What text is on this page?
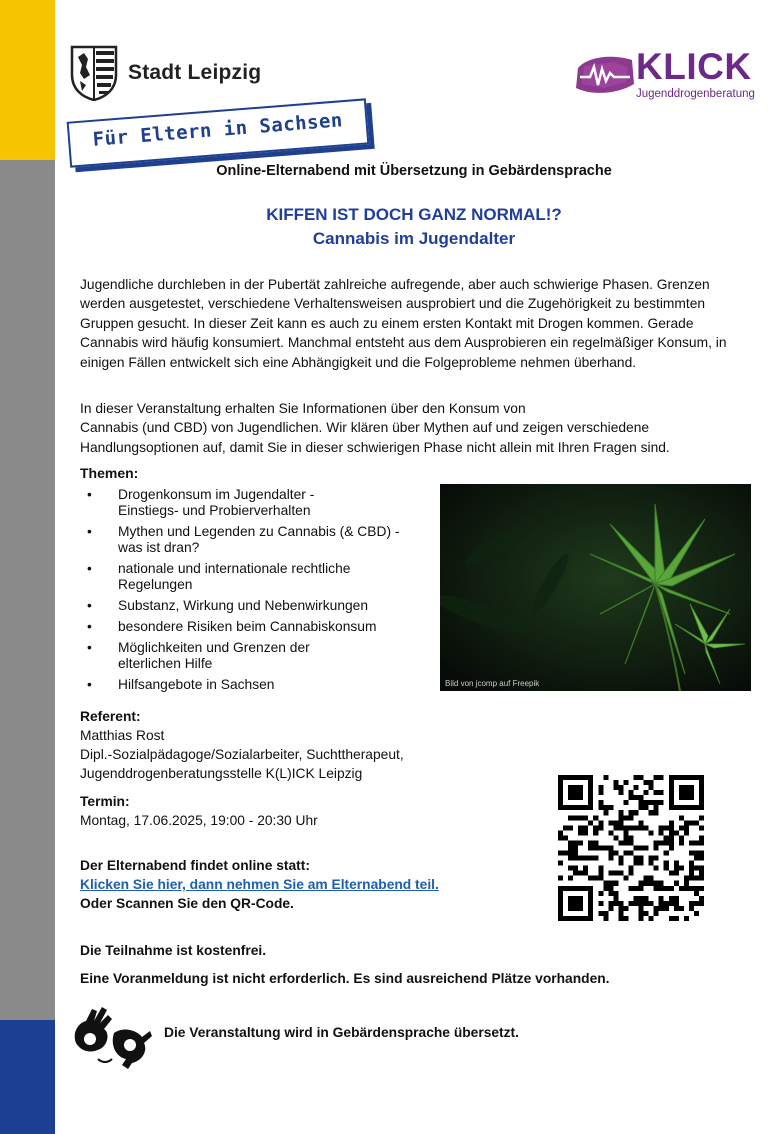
Stadt Leipzig	KLICK
Jugenddrogenberatung
Für Eltern in Sachsen
Online-Elternabend mit Übersetzung in Gebärdensprache
KIFFEN IST DOCH GANZ NORMAL!?
Cannabis im Jugendalter

Jugendliche durchleben in der Pubertät zahlreiche aufregende, aber auch schwierige Phasen. Grenzen werden ausgetestet, verschiedene Verhaltensweisen ausprobiert und die Zugehörigkeit zu bestimmten Gruppen gesucht. In dieser Zeit kann es auch zu einem ersten Kontakt mit Drogen kommen. Gerade Cannabis wird häufig konsumiert. Manchmal entsteht aus dem Ausprobieren ein regelmäßiger Konsum, in einigen Fällen entwickelt sich eine Abhängigkeit und die Folgeprobleme nehmen überhand.

In dieser Veranstaltung erhalten Sie Informationen über den Konsum von
Cannabis (und CBD) von Jugendlichen. Wir klären über Mythen auf und zeigen verschiedene Handlungsoptionen auf, damit Sie in dieser schwierigen Phase nicht allein mit Ihren Fragen sind.
Themen:
• Drogenkonsum im Jugendalter -
Einstiegs- und Probierverhalten
• Mythen und Legenden zu Cannabis (& CBD) -
was ist dran?
• nationale und internationale rechtliche
Regelungen
• Substanz, Wirkung und Nebenwirkungen
• besondere Risiken beim Cannabiskonsum
• Möglichkeiten und Grenzen der
elterlichen Hilfe
• Hilfsangebote in Sachsen	Bild von jcomp auf Freepik
Referent:
Matthias Rost
Dipl.-Sozialpädagoge/Sozialarbeiter, Suchttherapeut,
Jugenddrogenberatungsstelle K(L)ICK Leipzig
Termin:
Montag, 17.06.2025, 19:00 - 20:30 Uhr
Der Elternabend findet online statt:
Klicken Sie hier, dann nehmen Sie am Elternabend teil.
Oder Scannen Sie den QR-Code.
Die Teilnahme ist kostenfrei.
Eine Voranmeldung ist nicht erforderlich. Es sind ausreichend Plätze vorhanden.
Die Veranstaltung wird in Gebärdensprache übersetzt.
